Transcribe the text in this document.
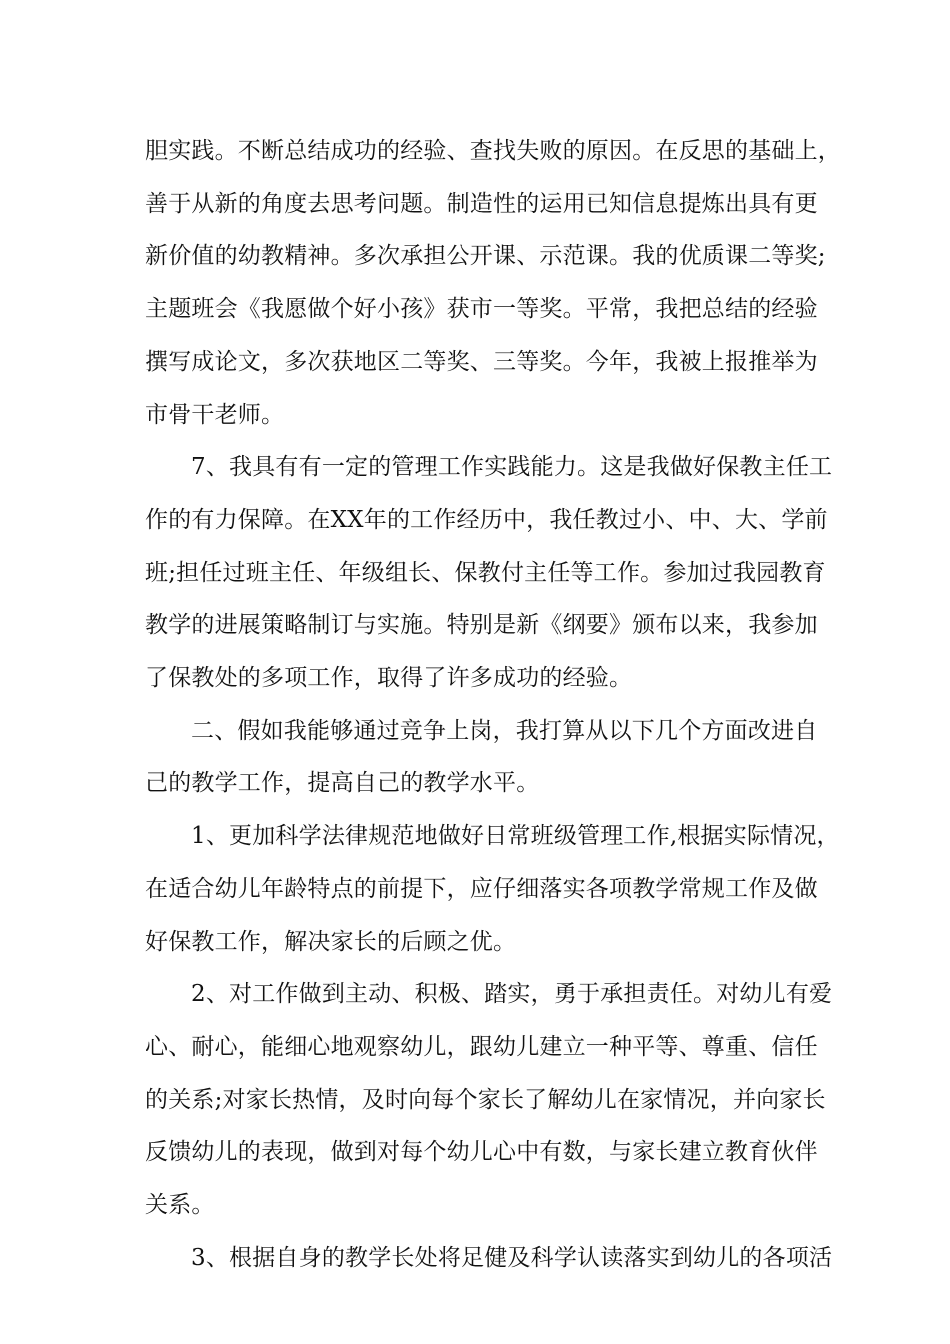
胆实践。不断总结成功的经验、查找失败的原因。在反思的基础上，
善于从新的角度去思考问题。制造性的运用已知信息提炼出具有更
新价值的幼教精神。多次承担公开课、示范课。我的优质课二等奖;
主题班会《我愿做个好小孩》获市一等奖。平常，我把总结的经验
撰写成论文，多次获地区二等奖、三等奖。今年，我被上报推举为
市骨干老师。

7、我具有有一定的管理工作实践能力。这是我做好保教主任工
作的有力保障。在XX年的工作经历中，我任教过小、中、大、学前
班;担任过班主任、年级组长、保教付主任等工作。参加过我园教育
教学的进展策略制订与实施。特别是新《纲要》颁布以来，我参加
了保教处的多项工作，取得了许多成功的经验。

二、假如我能够通过竞争上岗，我打算从以下几个方面改进自
己的教学工作，提高自己的教学水平。

1、更加科学法律规范地做好日常班级管理工作,根据实际情况，
在适合幼儿年龄特点的前提下，应仔细落实各项教学常规工作及做
好保教工作，解决家长的后顾之优。

2、对工作做到主动、积极、踏实，勇于承担责任。对幼儿有爱
心、耐心，能细心地观察幼儿，跟幼儿建立一种平等、尊重、信任
的关系;对家长热情，及时向每个家长了解幼儿在家情况，并向家长
反馈幼儿的表现，做到对每个幼儿心中有数，与家长建立教育伙伴
关系。

3、根据自身的教学长处将足健及科学认读落实到幼儿的各项活
